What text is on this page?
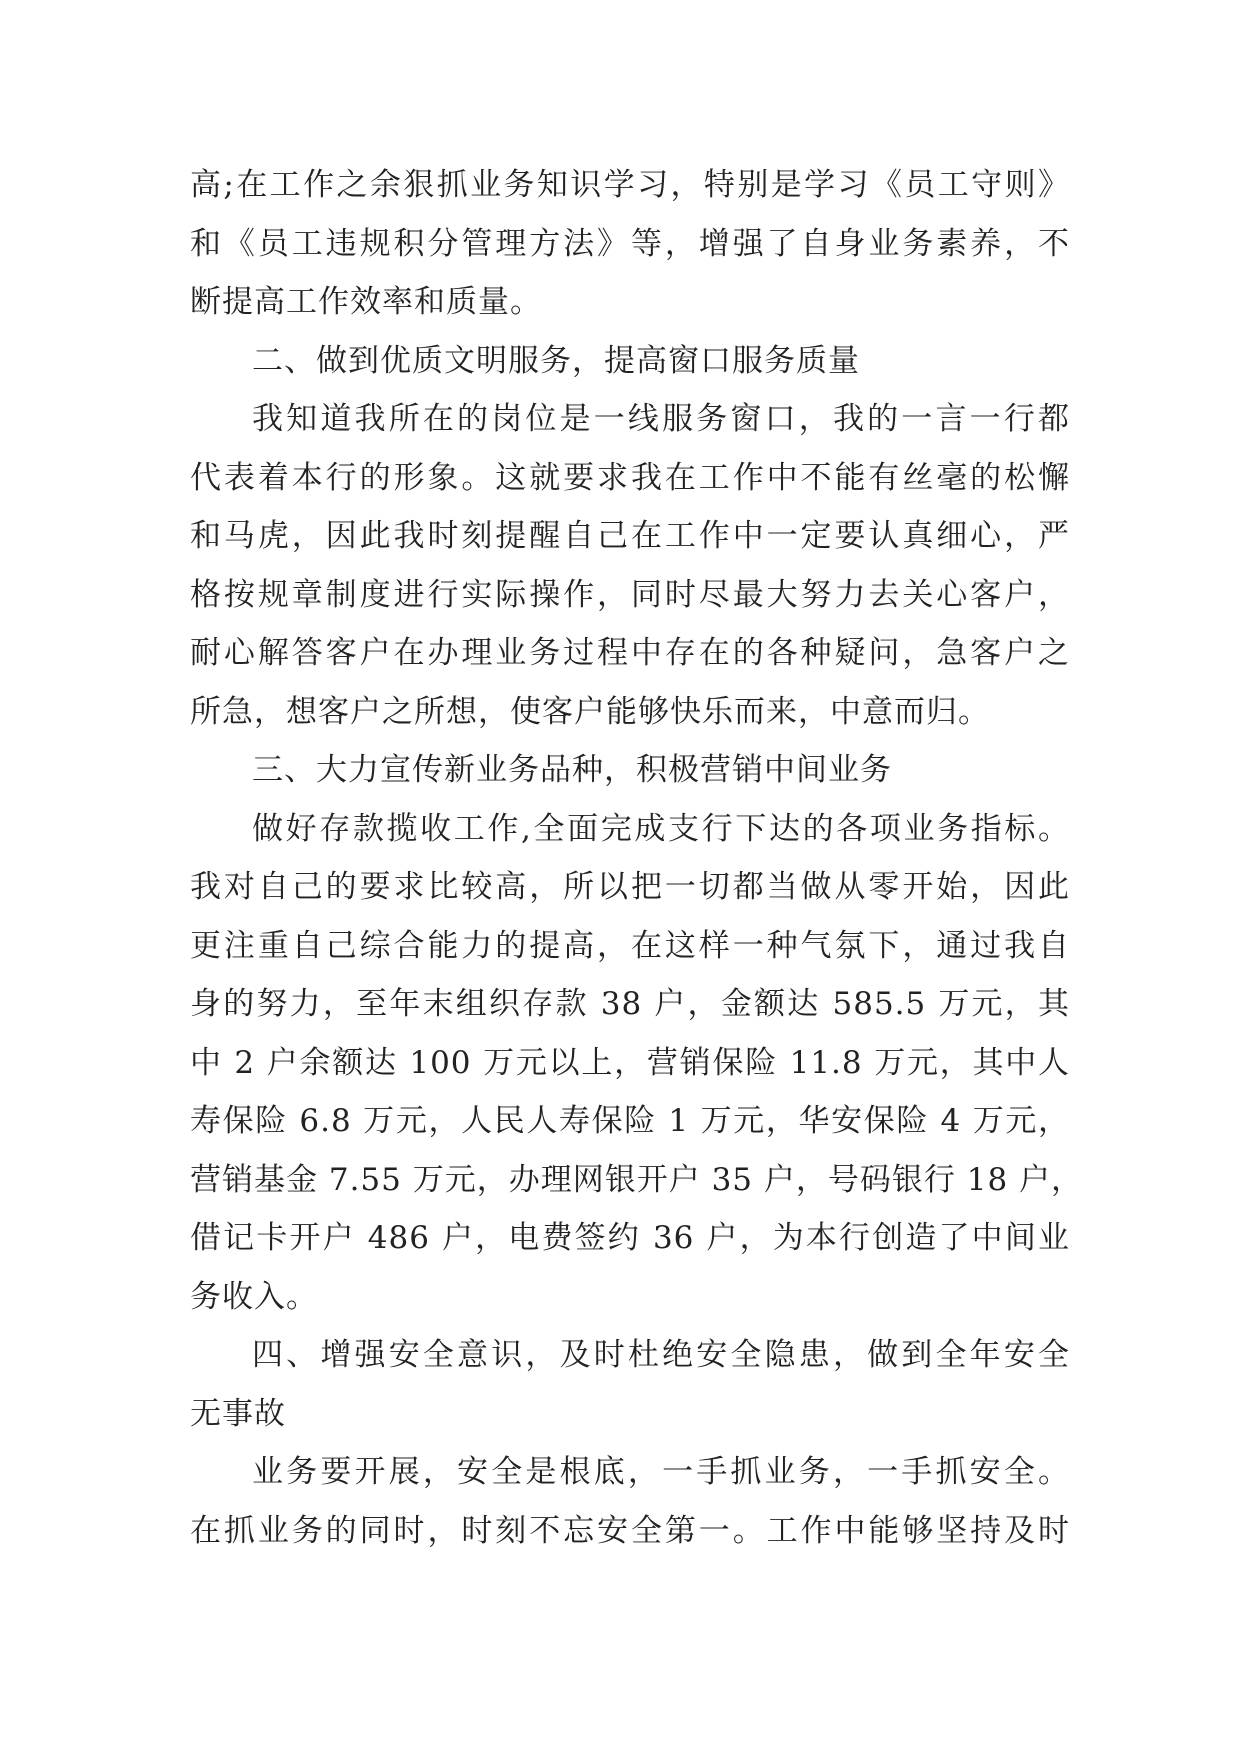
高;在工作之余狠抓业务知识学习，特别是学习《员工守则》
和《员工违规积分管理方法》等，增强了自身业务素养，不
断提高工作效率和质量。
二、做到优质文明服务，提高窗口服务质量
我知道我所在的岗位是一线服务窗口，我的一言一行都
代表着本行的形象。这就要求我在工作中不能有丝毫的松懈
和马虎，因此我时刻提醒自己在工作中一定要认真细心，严
格按规章制度进行实际操作，同时尽最大努力去关心客户，
耐心解答客户在办理业务过程中存在的各种疑问，急客户之
所急，想客户之所想，使客户能够快乐而来，中意而归。
三、大力宣传新业务品种，积极营销中间业务
做好存款揽收工作,全面完成支行下达的各项业务指标。
我对自己的要求比较高，所以把一切都当做从零开始，因此
更注重自己综合能力的提高，在这样一种气氛下，通过我自
身的努力，至年末组织存款 38 户，金额达 585.5 万元，其
中 2 户余额达 100 万元以上，营销保险 11.8 万元，其中人
寿保险 6.8 万元，人民人寿保险 1 万元，华安保险 4 万元，
营销基金 7.55 万元，办理网银开户 35 户，号码银行 18 户，
借记卡开户 486 户，电费签约 36 户，为本行创造了中间业
务收入。
四、增强安全意识，及时杜绝安全隐患，做到全年安全
无事故
业务要开展，安全是根底，一手抓业务，一手抓安全。
在抓业务的同时，时刻不忘安全第一。工作中能够坚持及时
